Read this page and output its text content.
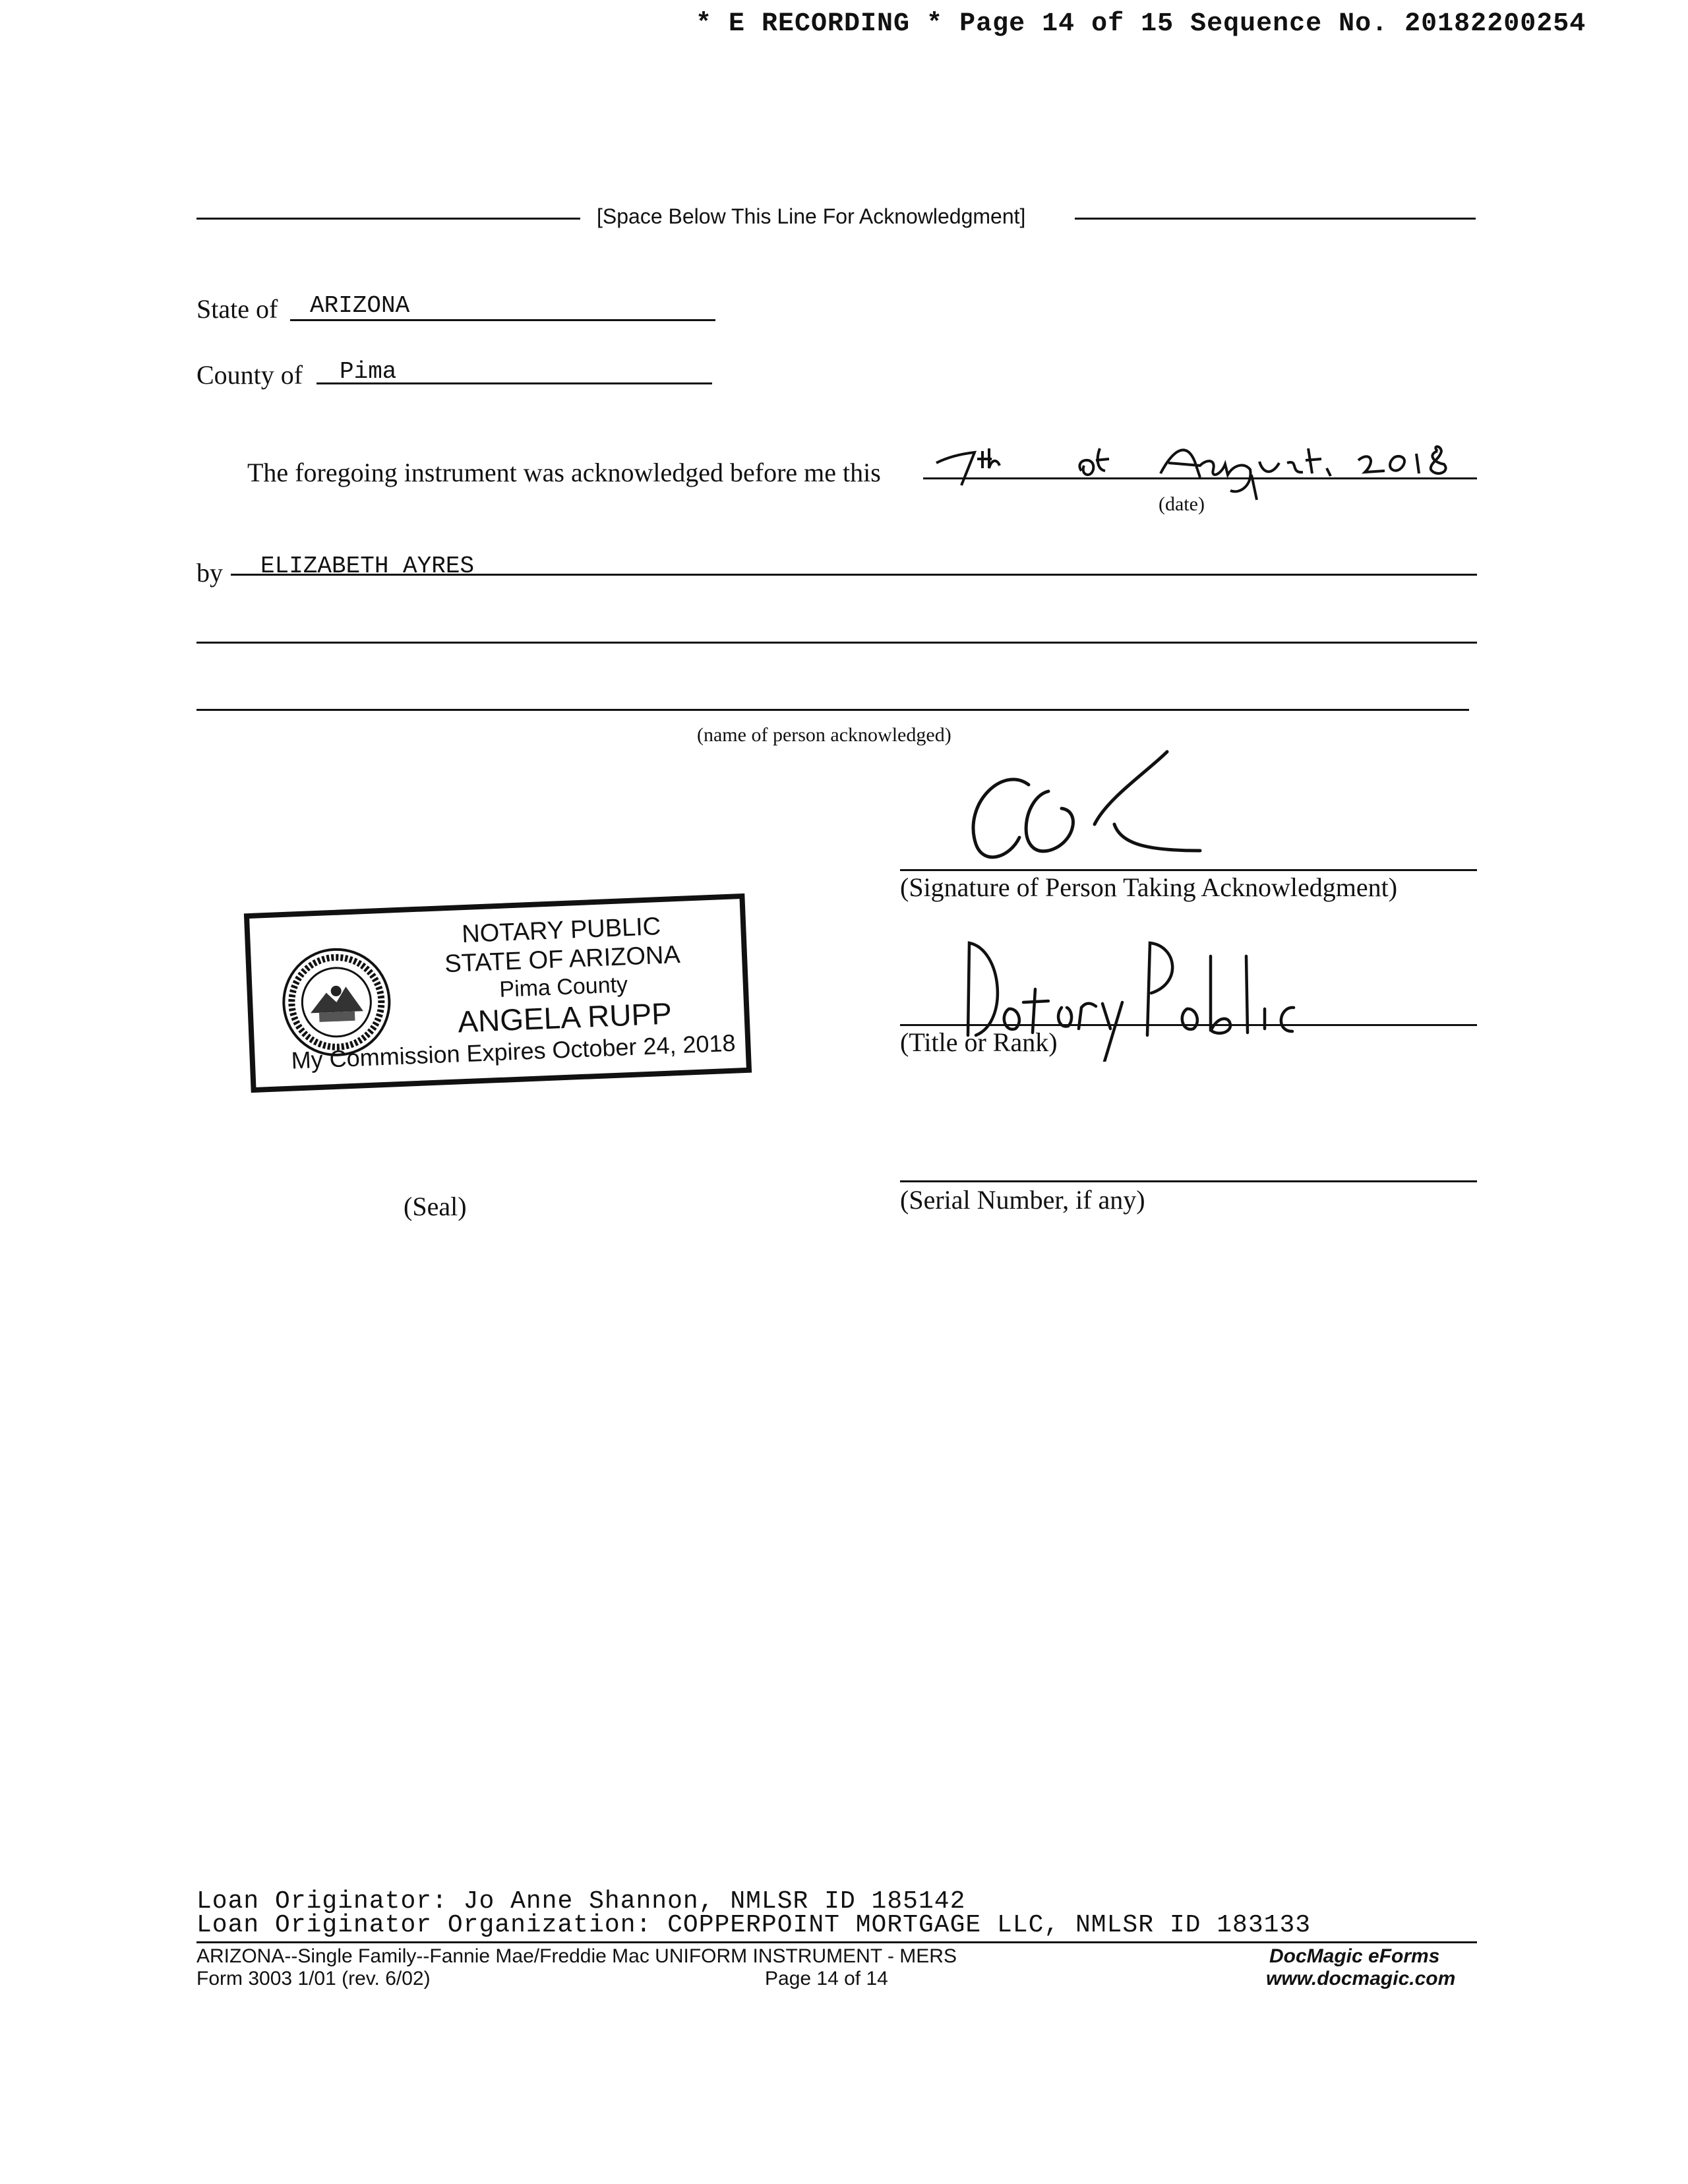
* E RECORDING * Page 14 of 15 Sequence No. 20182200254
[Space Below This Line For Acknowledgment]
State of ARIZONA
County of Pima
The foregoing instrument was acknowledged before me this
(date)
by ELIZABETH AYRES
(name of person acknowledged)
(Signature of Person Taking Acknowledgment)
(Title or Rank)
(Serial Number, if any)
NOTARY PUBLIC
STATE OF ARIZONA
Pima County
ANGELA RUPP
My Commission Expires October 24, 2018
(Seal)
Loan Originator: Jo Anne Shannon, NMLSR ID 185142
Loan Originator Organization: COPPERPOINT MORTGAGE LLC, NMLSR ID 183133
ARIZONA--Single Family--Fannie Mae/Freddie Mac UNIFORM INSTRUMENT - MERS
Form 3003 1/01 (rev. 6/02)	Page 14 of 14
DocMagic eForms
www.docmagic.com
